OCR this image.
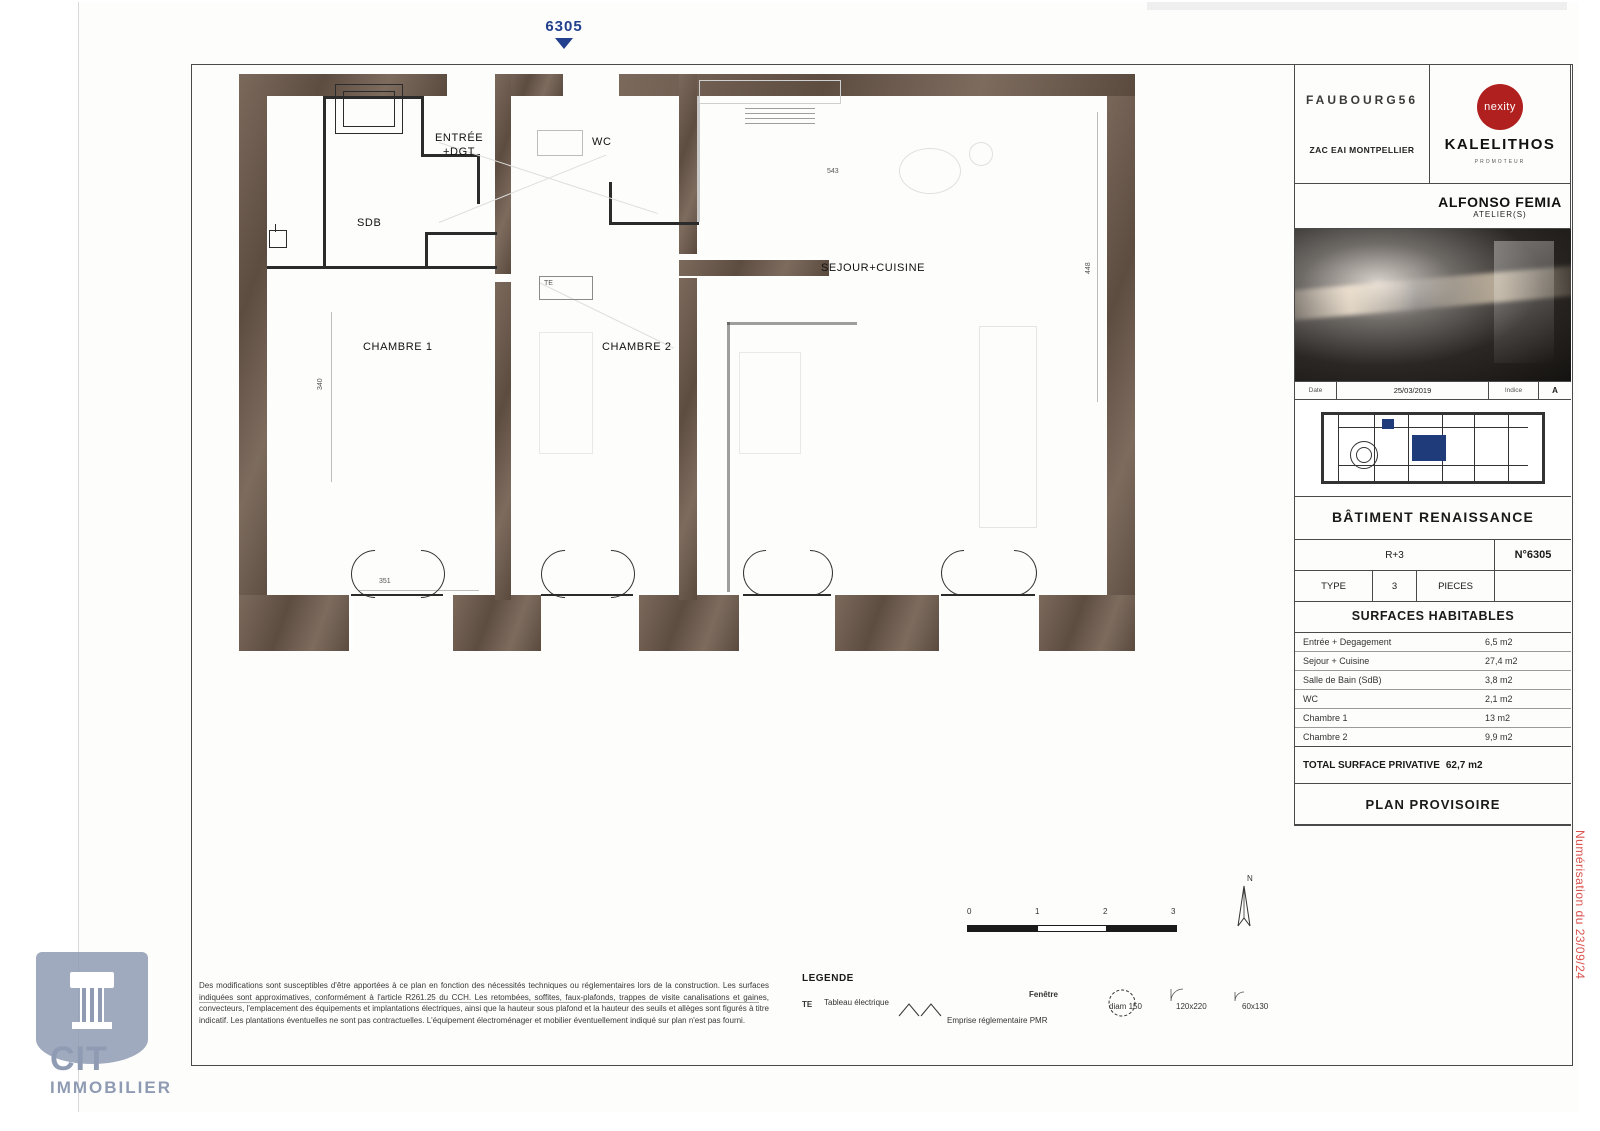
6305
TE
ENTRÉE
+DGT
WC
SDB
SEJOUR+CUISINE
CHAMBRE 1	CHAMBRE 2
543
448
340
351
FAUBOURG56
ZAC EAI MONTPELLIER
nexity
K ALELITHOS
PROMOTEUR
ALFONSO FEMIA
ATELIER(S)
Date	25/03/2019	Indice	A
BÂTIMENT RENAISSANCE
R+3	N°6305
TYPE	3	PIECES
SURFACES HABITABLES
Entrée + Degagement	6,5 m2
Sejour + Cuisine	27,4 m2
Salle de Bain (SdB)	3,8 m2
WC	2,1 m2
Chambre 1	13 m2
Chambre 2	9,9 m2
TOTAL SURFACE PRIVATIVE 62,7 m2
PLAN PROVISOIRE
Des modifications sont susceptibles d'être apportées à ce plan en fonction des nécessités techniques ou réglementaires lors de la construction. Les surfaces indiquées sont approximatives, conformément à l'article R261.25 du CCH. Les retombées, soffites, faux-plafonds, trappes de visite canalisations et gaines, convecteurs, l'emplacement des équipements et implantations électriques, ainsi que la hauteur sous plafond et la hauteur des seuils et allèges sont figurés à titre indicatif. Les plantations éventuelles ne sont pas contractuelles. L'équipement électroménager et mobilier éventuellement indiqué sur plan n'est pas fourni.
LEGENDE
TE	Tableau électrique
Emprise réglementaire PMR
Fenêtre
diam 150	120x220	60x130
0	1	2	3
N	Numérisation du 23/09/24
CIT
IMMOBILIER
